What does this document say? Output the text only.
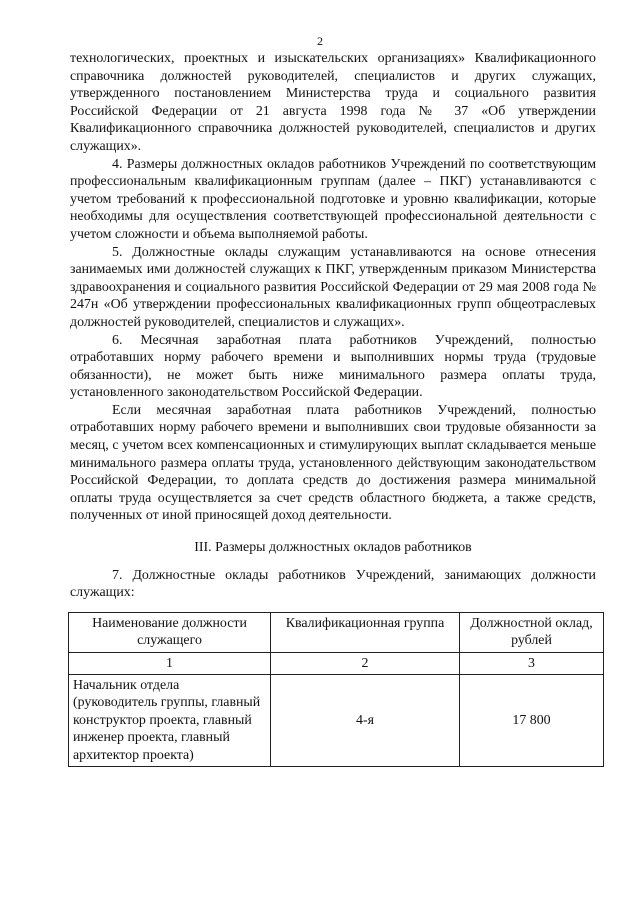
2

технологических, проектных и изыскательских организациях» Квалификационного справочника должностей руководителей, специалистов и других служащих, утвержденного постановлением Министерства труда и социального развития Российской Федерации от 21 августа 1998 года № 37 «Об утверждении Квалификационного справочника должностей руководителей, специалистов и других служащих».

4. Размеры должностных окладов работников Учреждений по соответствующим профессиональным квалификационным группам (далее – ПКГ) устанавливаются с учетом требований к профессиональной подготовке и уровню квалификации, которые необходимы для осуществления соответствующей профессиональной деятельности с учетом сложности и объема выполняемой работы.

5. Должностные оклады служащим устанавливаются на основе отнесения занимаемых ими должностей служащих к ПКГ, утвержденным приказом Министерства здравоохранения и социального развития Российской Федерации от 29 мая 2008 года № 247н «Об утверждении профессиональных квалификационных групп общеотраслевых должностей руководителей, специалистов и служащих».

6. Месячная заработная плата работников Учреждений, полностью отработавших норму рабочего времени и выполнивших нормы труда (трудовые обязанности), не может быть ниже минимального размера оплаты труда, установленного законодательством Российской Федерации.

Если месячная заработная плата работников Учреждений, полностью отработавших норму рабочего времени и выполнивших свои трудовые обязанности за месяц, с учетом всех компенсационных и стимулирующих выплат складывается меньше минимального размера оплаты труда, установленного действующим законодательством Российской Федерации, то доплата средств до достижения размера минимальной оплаты труда осуществляется за счет средств областного бюджета, а также средств, полученных от иной приносящей доход деятельности.

III. Размеры должностных окладов работников

7. Должностные оклады работников Учреждений, занимающих должности служащих:

Наименование должности служащего	Квалификационная группа	Должностной оклад, рублей
1	2	3
Начальник отдела (руководитель группы, главный конструктор проекта, главный инженер проекта, главный архитектор проекта)	4-я	17 800
